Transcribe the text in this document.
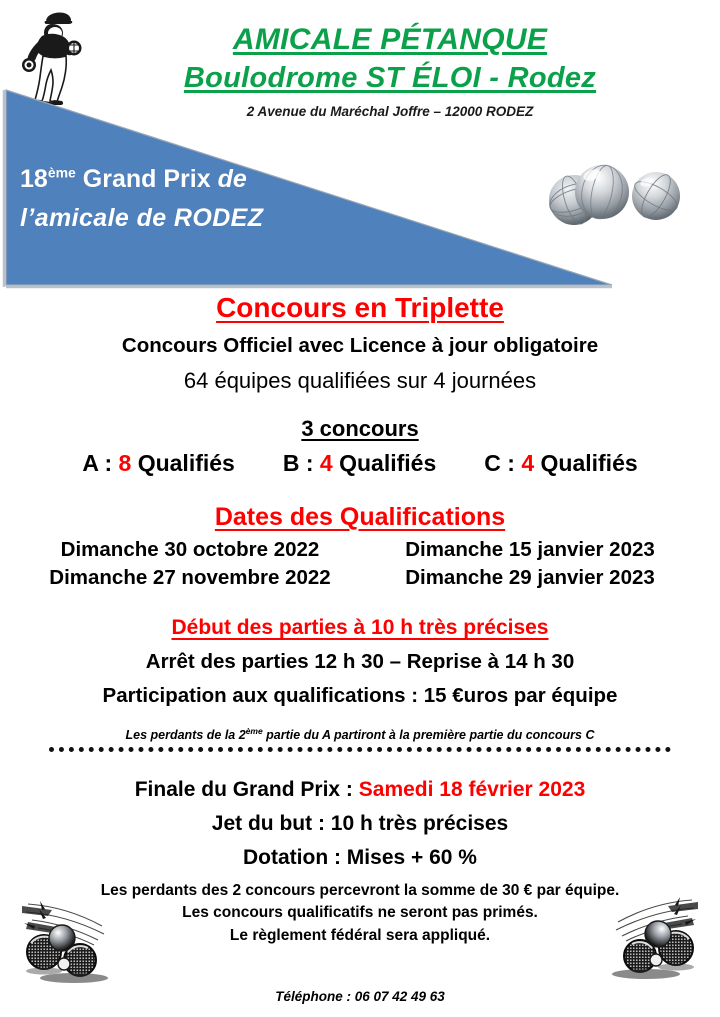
AMICALE PÉTANQUE
Boulodrome ST ÉLOI - Rodez
2 Avenue du Maréchal Joffre – 12000 RODEZ
18ème Grand Prix de
l’amicale de RODEZ

Concours en Triplette

Concours Officiel avec Licence à jour obligatoire

64 équipes qualifiées sur 4 journées

3 concours

A : 8 Qualifiés B : 4 Qualifiés C : 4 Qualifiés

Dates des Qualifications

Dimanche 30 octobre 2022	Dimanche 15 janvier 2023
Dimanche 27 novembre 2022	Dimanche 29 janvier 2023

Début des parties à 10 h très précises

Arrêt des parties 12 h 30 – Reprise à 14 h 30

Participation aux qualifications : 15 €uros par équipe

Les perdants de la 2ème partie du A partiront à la première partie du concours C

Finale du Grand Prix : Samedi 18 février 2023

Jet du but : 10 h très précises

Dotation : Mises + 60 %

Les perdants des 2 concours percevront la somme de 30 € par équipe.

Les concours qualificatifs ne seront pas primés.

Le règlement fédéral sera appliqué.

Téléphone : 06 07 42 49 63
